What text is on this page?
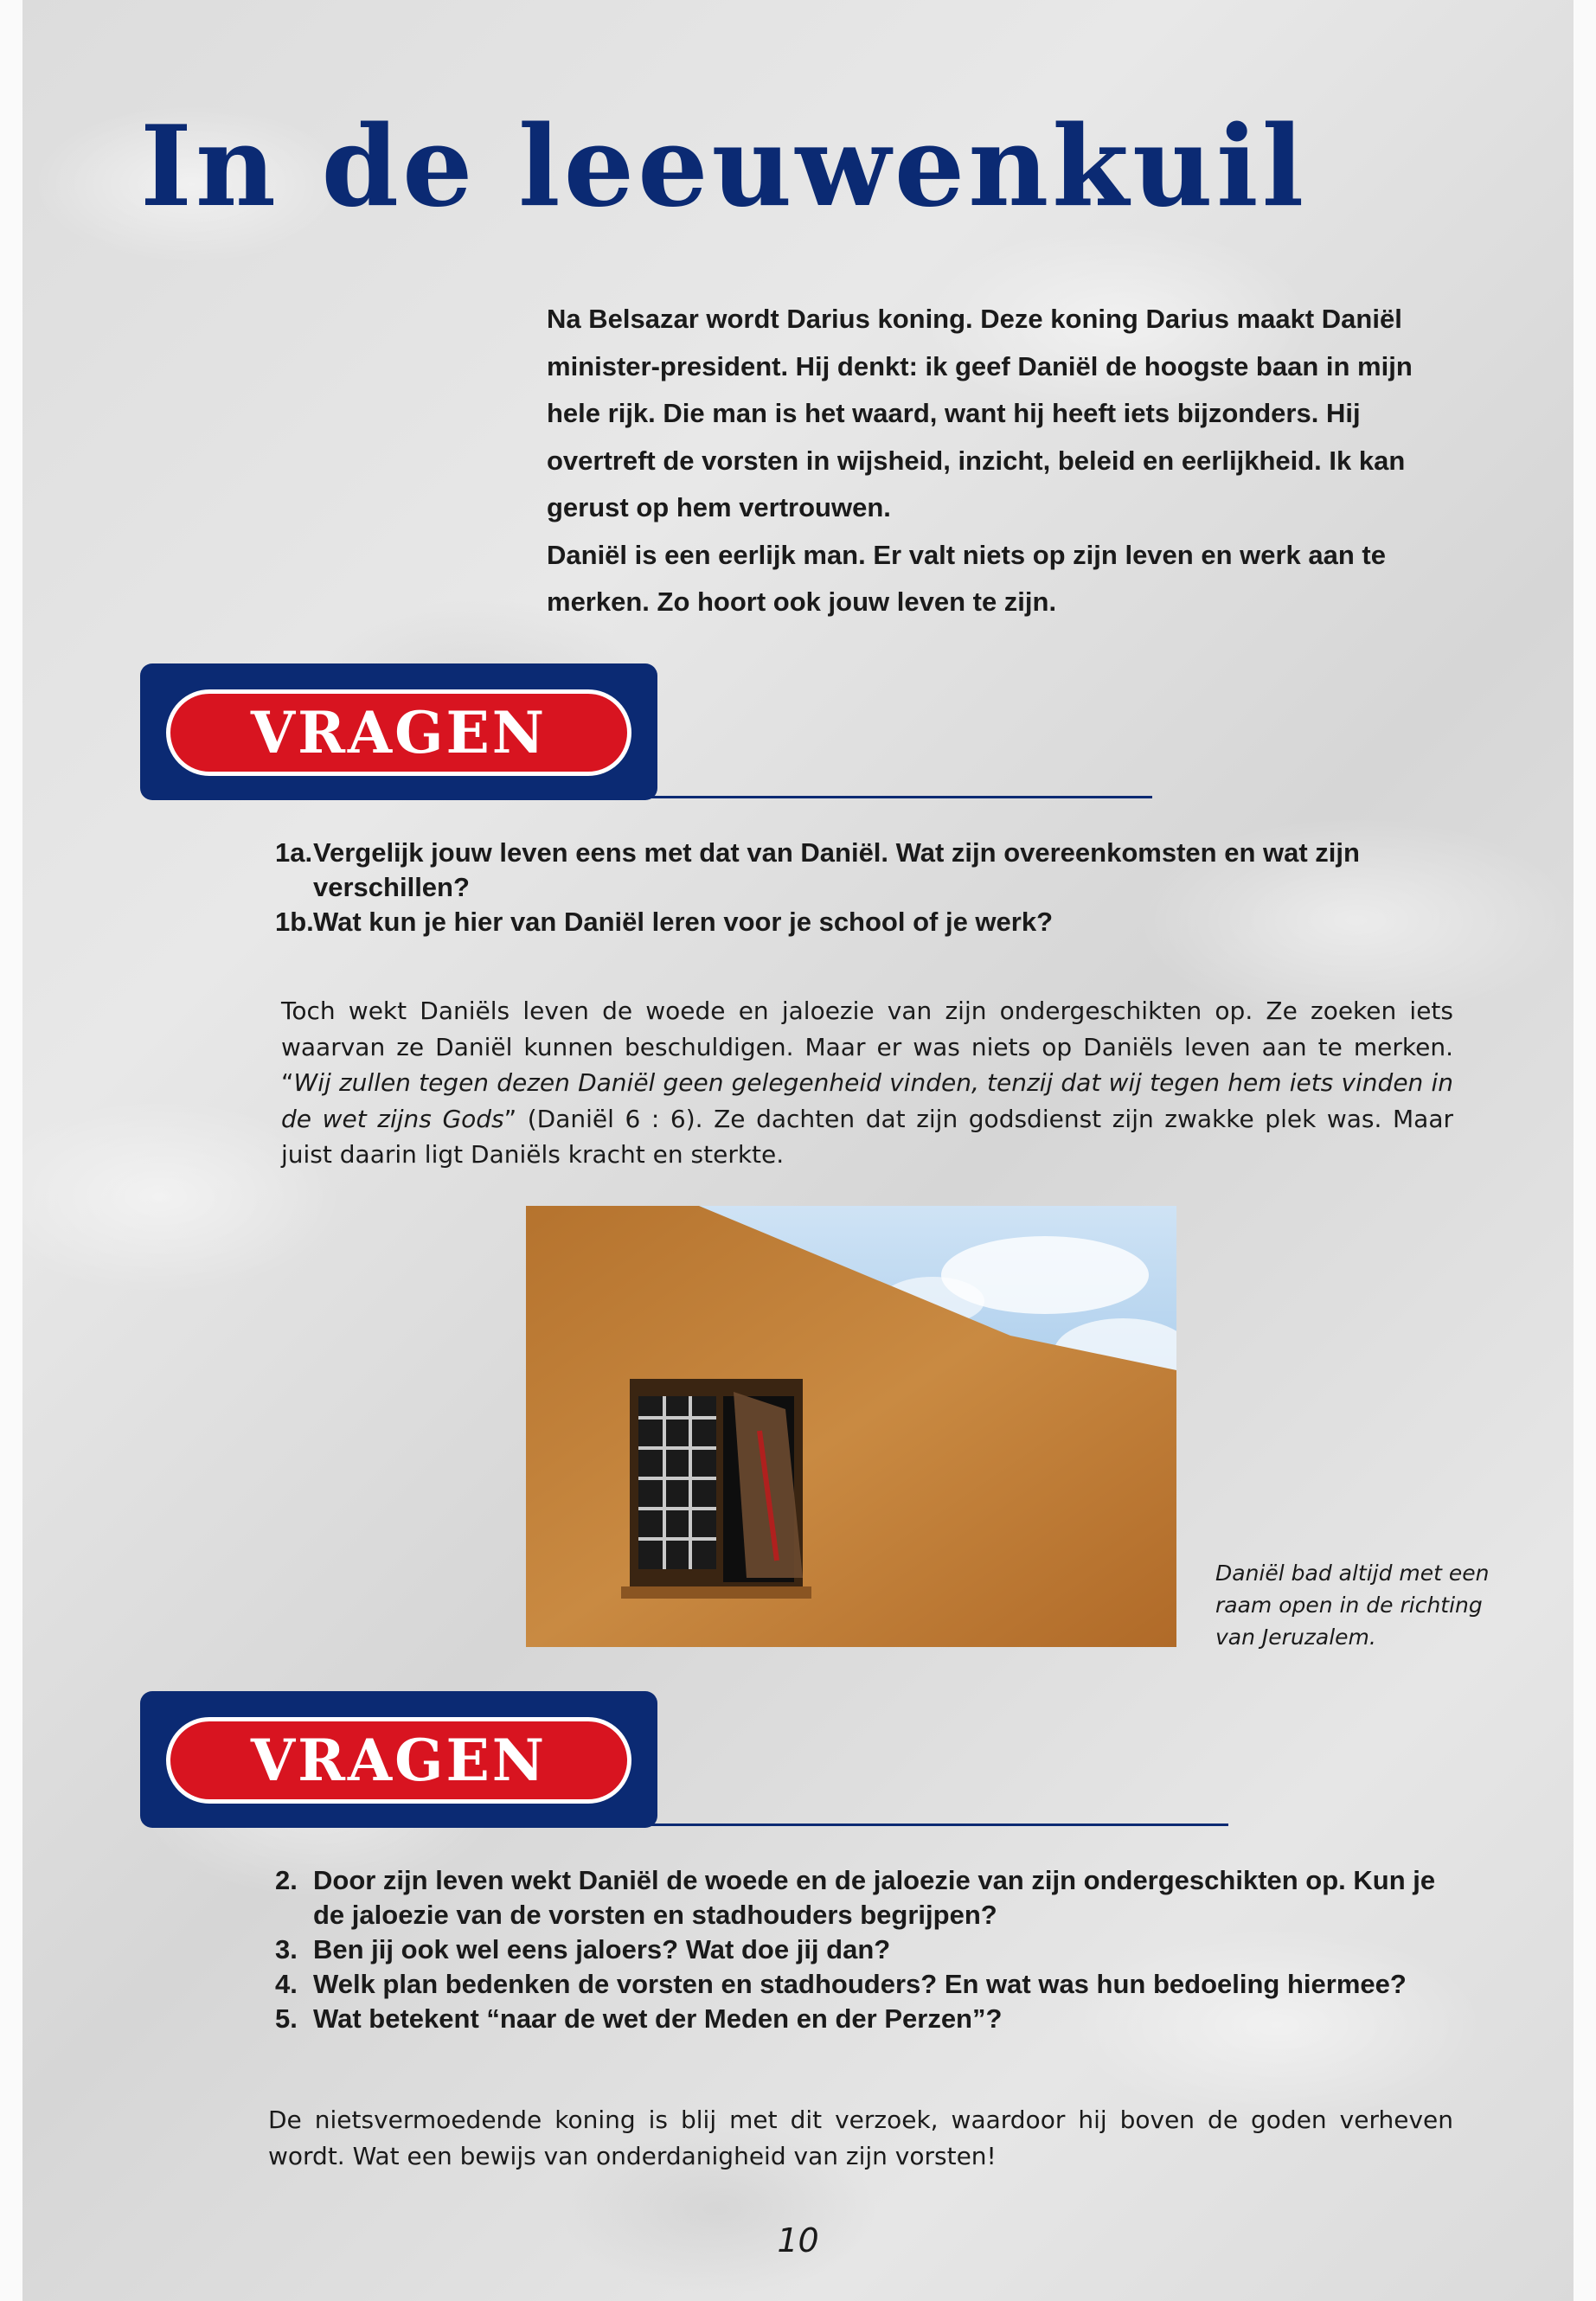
In de leeuwenkuil

Na Belsazar wordt Darius koning. Deze koning Darius maakt Daniël minister-president. Hij denkt: ik geef Daniël de hoogste baan in mijn hele rijk. Die man is het waard, want hij heeft iets bijzonders. Hij overtreft de vorsten in wijsheid, inzicht, beleid en eerlijkheid. Ik kan gerust op hem vertrouwen.

Daniël is een eerlijk man. Er valt niets op zijn leven en werk aan te merken. Zo hoort ook jouw leven te zijn.

VRAGEN
1a. Vergelijk jouw leven eens met dat van Daniël. Wat zijn overeenkomsten en wat zijn verschillen?
1b. Wat kun je hier van Daniël leren voor je school of je werk?

Toch wekt Daniëls leven de woede en jaloezie van zijn ondergeschikten op. Ze zoeken iets waarvan ze Daniël kunnen beschuldigen. Maar er was niets op Daniëls leven aan te merken. “Wij zullen tegen dezen Daniël geen gelegenheid vinden, tenzij dat wij tegen hem iets vinden in de wet zijns Gods” (Daniël 6 : 6). Ze dachten dat zijn godsdienst zijn zwakke plek was. Maar juist daarin ligt Daniëls kracht en sterkte.

Daniël bad altijd met een raam open in de richting van Jeruzalem.

VRAGEN
2. Door zijn leven wekt Daniël de woede en de jaloezie van zijn ondergeschikten op. Kun je de jaloezie van de vorsten en stadhouders begrijpen?
3. Ben jij ook wel eens jaloers? Wat doe jij dan?
4. Welk plan bedenken de vorsten en stadhouders? En wat was hun bedoeling hiermee?
5. Wat betekent “naar de wet der Meden en der Perzen”?

De nietsvermoedende koning is blij met dit verzoek, waardoor hij boven de goden verheven wordt. Wat een bewijs van onderdanigheid van zijn vorsten!

10
